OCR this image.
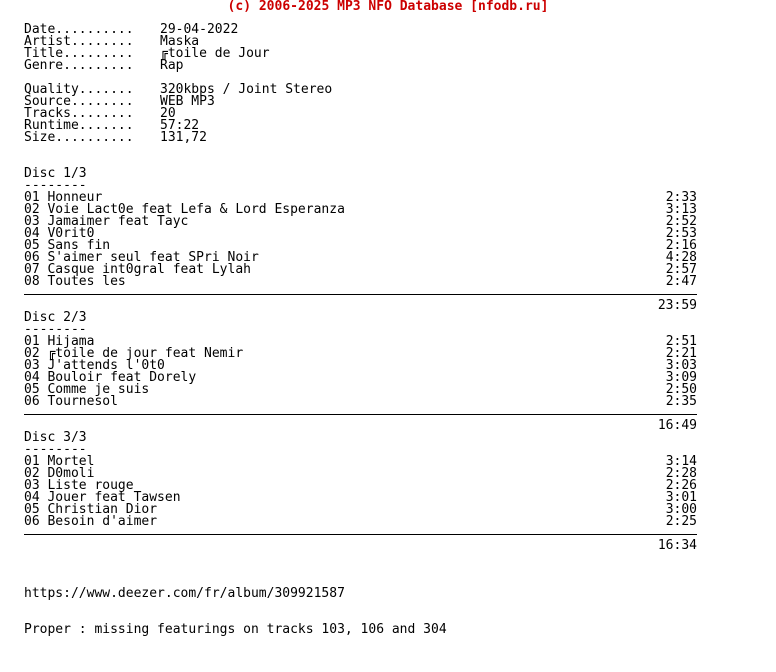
(c) 2006-2025 MP3 NFO Database [nfodb.ru]
Date.......... 29-04-2022
Artist........ Maska
Title......... ╔toile de Jour
Genre......... Rap
Quality....... 320kbps / Joint Stereo
Source........ WEB MP3
Tracks........ 20
Runtime....... 57:22
Size.......... 131,72
Disc 1/3
--------
01 Honneur	2:33
02 Voie Lact0e feat Lefa & Lord Esperanza	3:13
03 Jamaimer feat Tayc	2:52
04 V0rit0	2:53
05 Sans fin	2:16
06 S'aimer seul feat SPri Noir	4:28
07 Casque int0gral feat Lylah	2:57
08 Toutes les	2:47
23:59
Disc 2/3
--------
01 Hijama	2:51
02 ╔toile de jour feat Nemir	2:21
03 J'attends l'0t0	3:03
04 Bouloir feat Dorely	3:09
05 Comme je suis	2:50
06 Tournesol	2:35
16:49
Disc 3/3
--------
01 Mortel	3:14
02 D0moli	2:28
03 Liste rouge	2:26
04 Jouer feat Tawsen	3:01
05 Christian Dior	3:00
06 Besoin d'aimer	2:25
16:34
https://www.deezer.com/fr/album/309921587
Proper : missing featurings on tracks 103, 106 and 304
